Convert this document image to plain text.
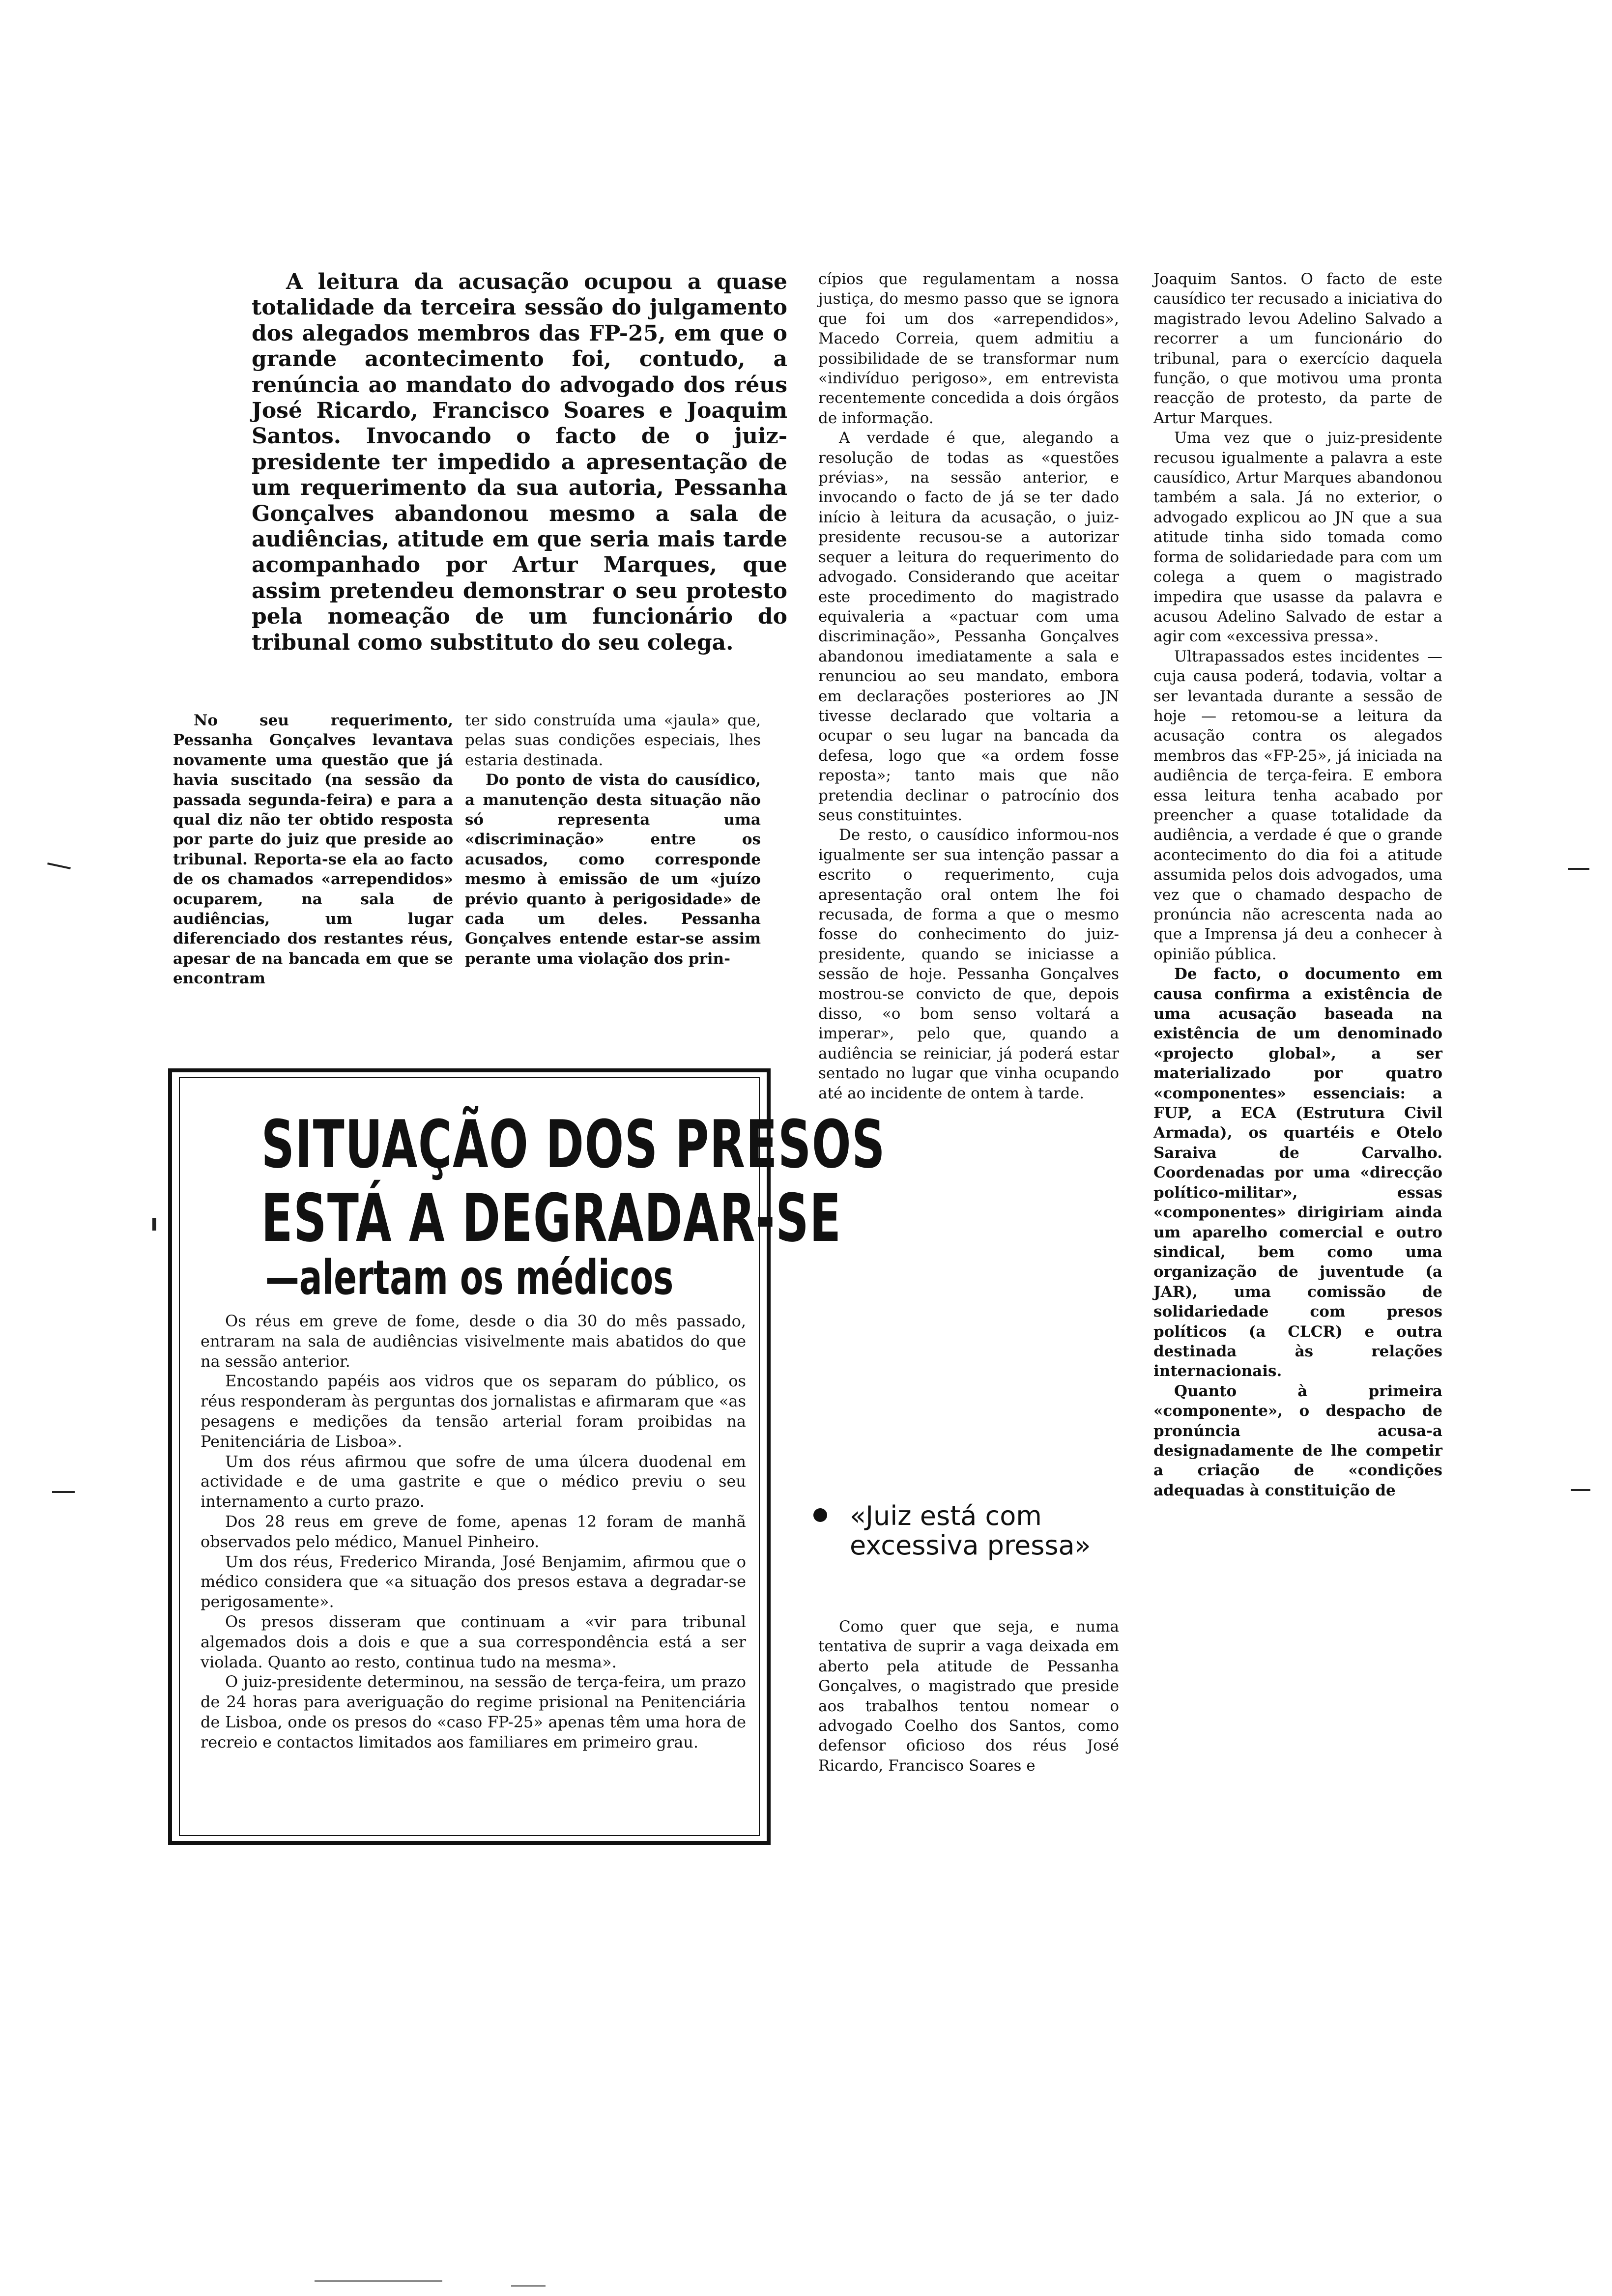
A leitura da acusação ocupou a quase totalidade da terceira sessão do julgamento dos alegados membros das FP-25, em que o grande acontecimento foi, contudo, a renúncia ao mandato do advogado dos réus José Ricardo, Francisco Soares e Joaquim Santos. Invocando o facto de o juiz-presidente ter impedido a apresentação de um requerimento da sua autoria, Pessanha Gonçalves abandonou mesmo a sala de audiências, atitude em que seria mais tarde acompanhado por Artur Marques, que assim pretendeu demonstrar o seu protesto pela nomeação de um funcionário do tribunal como substituto do seu colega.

No seu requerimento, Pessanha Gonçalves levantava novamente uma questão que já havia suscitado (na sessão da passada segunda-feira) e para a qual diz não ter obtido resposta por parte do juiz que preside ao tribunal. Reporta-se ela ao facto de os chamados «arrependidos» ocuparem, na sala de audiências, um lugar diferenciado dos restantes réus, apesar de na bancada em que se encontram

ter sido construída uma «jaula» que, pelas suas condições especiais, lhes estaria destinada.

Do ponto de vista do causídico, a manutenção desta situação não só representa uma «discriminação» entre os acusados, como corresponde mesmo à emissão de um «juízo prévio quanto à perigosidade» de cada um deles. Pessanha Gonçalves entende estar-se assim perante uma violação dos prin-

cípios que regulamentam a nossa justiça, do mesmo passo que se ignora que foi um dos «arrependidos», Macedo Correia, quem admitiu a possibilidade de se transformar num «indivíduo perigoso», em entrevista recentemente concedida a dois órgãos de informação.

A verdade é que, alegando a resolução de todas as «questões prévias», na sessão anterior, e invocando o facto de já se ter dado início à leitura da acusação, o juiz-presidente recusou-se a autorizar sequer a leitura do requerimento do advogado. Considerando que aceitar este procedimento do magistrado equivaleria a «pactuar com uma discriminação», Pessanha Gonçalves abandonou imediatamente a sala e renunciou ao seu mandato, embora em declarações posteriores ao JN tivesse declarado que voltaria a ocupar o seu lugar na bancada da defesa, logo que «a ordem fosse reposta»; tanto mais que não pretendia declinar o patrocínio dos seus constituintes.

De resto, o causídico informou-nos igualmente ser sua intenção passar a escrito o requerimento, cuja apresentação oral ontem lhe foi recusada, de forma a que o mesmo fosse do conhecimento do juiz-presidente, quando se iniciasse a sessão de hoje. Pessanha Gonçalves mostrou-se convicto de que, depois disso, «o bom senso voltará a imperar», pelo que, quando a audiência se reiniciar, já poderá estar sentado no lugar que vinha ocupando até ao incidente de ontem à tarde.

«Juiz está com excessiva pressa»

Como quer que seja, e numa tentativa de suprir a vaga deixada em aberto pela atitude de Pessanha Gonçalves, o magistrado que preside aos trabalhos tentou nomear o advogado Coelho dos Santos, como defensor oficioso dos réus José Ricardo, Francisco Soares e

Joaquim Santos. O facto de este causídico ter recusado a iniciativa do magistrado levou Adelino Salvado a recorrer a um funcionário do tribunal, para o exercício daquela função, o que motivou uma pronta reacção de protesto, da parte de Artur Marques.

Uma vez que o juiz-presidente recusou igualmente a palavra a este causídico, Artur Marques abandonou também a sala. Já no exterior, o advogado explicou ao JN que a sua atitude tinha sido tomada como forma de solidariedade para com um colega a quem o magistrado impedira que usasse da palavra e acusou Adelino Salvado de estar a agir com «excessiva pressa».

Ultrapassados estes incidentes — cuja causa poderá, todavia, voltar a ser levantada durante a sessão de hoje — retomou-se a leitura da acusação contra os alegados membros das «FP-25», já iniciada na audiência de terça-feira. E embora essa leitura tenha acabado por preencher a quase totalidade da audiência, a verdade é que o grande acontecimento do dia foi a atitude assumida pelos dois advogados, uma vez que o chamado despacho de pronúncia não acrescenta nada ao que a Imprensa já deu a conhecer à opinião pública.

De facto, o documento em causa confirma a existência de uma acusação baseada na existência de um denominado «projecto global», a ser materializado por quatro «componentes» essenciais: a FUP, a ECA (Estrutura Civil Armada), os quartéis e Otelo Saraiva de Carvalho. Coordenadas por uma «direcção político-militar», essas «componentes» dirigiriam ainda um aparelho comercial e outro sindical, bem como uma organização de juventude (a JAR), uma comissão de solidariedade com presos políticos (a CLCR) e outra destinada às relações internacionais.

Quanto à primeira «componente», o despacho de pronúncia acusa-a designadamente de lhe competir a criação de «condições adequadas à constituição de

SITUAÇÃO DOS PRESOS
ESTÁ A DEGRADAR-SE
—alertam os médicos

Os réus em greve de fome, desde o dia 30 do mês passado, entraram na sala de audiências visivelmente mais abatidos do que na sessão anterior.

Encostando papéis aos vidros que os separam do público, os réus responderam às perguntas dos jornalistas e afirmaram que «as pesagens e medições da tensão arterial foram proibidas na Penitenciária de Lisboa».

Um dos réus afirmou que sofre de uma úlcera duodenal em actividade e de uma gastrite e que o médico previu o seu internamento a curto prazo.

Dos 28 reus em greve de fome, apenas 12 foram de manhã observados pelo médico, Manuel Pinheiro.

Um dos réus, Frederico Miranda, José Benjamim, afirmou que o médico considera que «a situação dos presos estava a degradar-se perigosamente».

Os presos disseram que continuam a «vir para tribunal algemados dois a dois e que a sua correspondência está a ser violada. Quanto ao resto, continua tudo na mesma».

O juiz-presidente determinou, na sessão de terça-feira, um prazo de 24 horas para averiguação do regime prisional na Penitenciária de Lisboa, onde os presos do «caso FP-25» apenas têm uma hora de recreio e contactos limitados aos familiares em primeiro grau.
